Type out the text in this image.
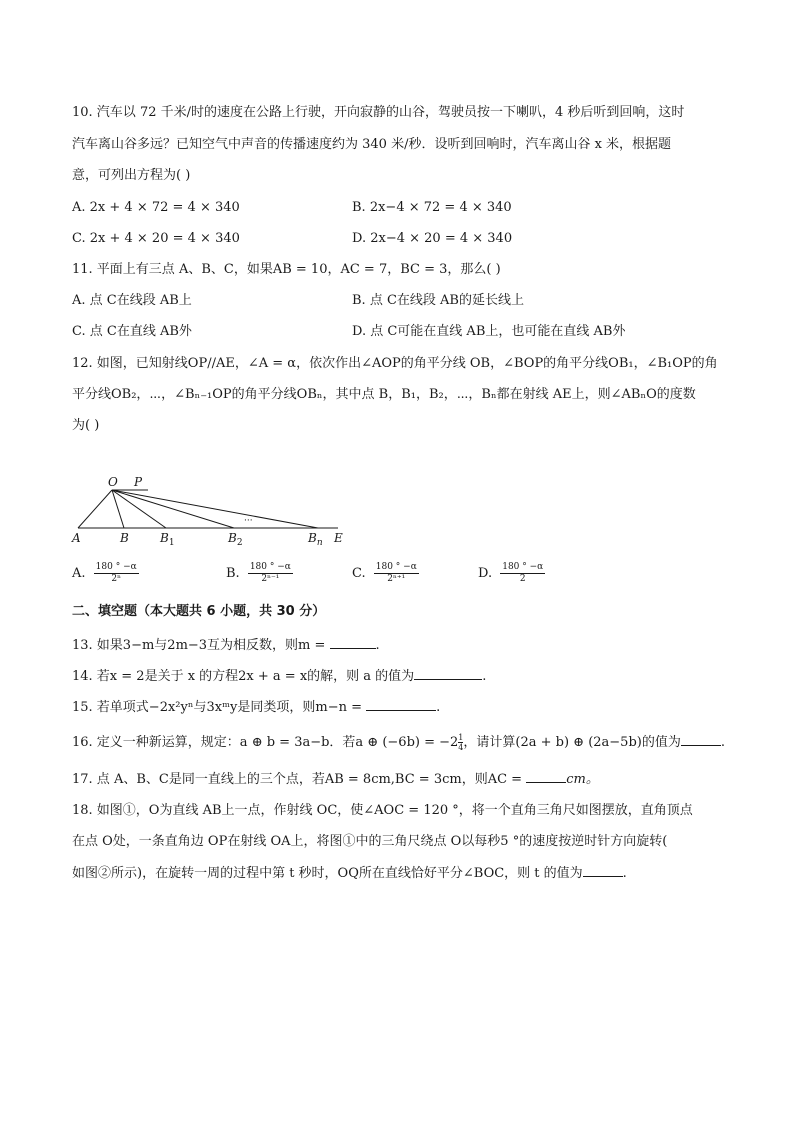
10. 汽车以 72 千米/时的速度在公路上行驶，开向寂静的山谷，驾驶员按一下喇叭，4 秒后听到回响，这时
汽车离山谷多远？已知空气中声音的传播速度约为 340 米/秒．设听到回响时，汽车离山谷 x 米，根据题
意，可列出方程为( )
A. 2x + 4 × 72 = 4 × 340	B. 2x−4 × 72 = 4 × 340
C. 2x + 4 × 20 = 4 × 340	D. 2x−4 × 20 = 4 × 340
11. 平面上有三点 A、B、C，如果AB = 10，AC = 7，BC = 3，那么( )
A. 点 C在线段 AB上	B. 点 C在线段 AB的延长线上
C. 点 C在直线 AB外	D. 点 C可能在直线 AB上，也可能在直线 AB外
12. 如图，已知射线OP//AE，∠A = α，依次作出∠AOP的角平分线 OB，∠BOP的角平分线OB₁，∠B₁OP的角
平分线OB₂，⋯，∠Bₙ₋₁OP的角平分线OBₙ，其中点 B，B₁，B₂，⋯，Bₙ都在射线 AE上，则∠ABₙO的度数
为( )
O P
A	B	$B_1$	$B_2$
···
$B_n$ E
A. $\frac{180 ^\circ -\alpha}{\text{2ⁿ}}$	B. $\frac{180 ^\circ -\alpha}{\text{2ⁿ⁻¹}}$	C. $\frac{180 ^\circ -\alpha}{\text{2ⁿ⁺¹}}$	D. $\frac{180 ^\circ -\alpha}{2}$
二、填空题（本大题共 6 小题，共 30 分）
13. 如果3−m与2m−3互为相反数，则m =	.
14. 若x = 2是关于 x 的方程2x + a = x的解，则 a 的值为	.
15. 若单项式−2x²yⁿ与3xᵐy是同类项，则m−n =	.
16. 定义一种新运算，规定：a ⊕ b = 3a−b．若a ⊕ $(-6b) = -2 \frac{1}{4}$ ，请计算(2a + b) ⊕ (2a−5b)的值为	.
17. 点 A、B、C是同一直线上的三个点，若AB = 8cm,BC = 3cm，则AC =	cm。
18. 如图①，O为直线 AB上一点，作射线 OC，使∠AOC = 120 °，将一个直角三角尺如图摆放，直角顶点
在点 O处，一条直角边 OP在射线 OA上，将图①中的三角尺绕点 O以每秒5 °的速度按逆时针方向旋转(
如图②所示)，在旋转一周的过程中第 t 秒时，OQ所在直线恰好平分∠BOC，则 t 的值为	.
